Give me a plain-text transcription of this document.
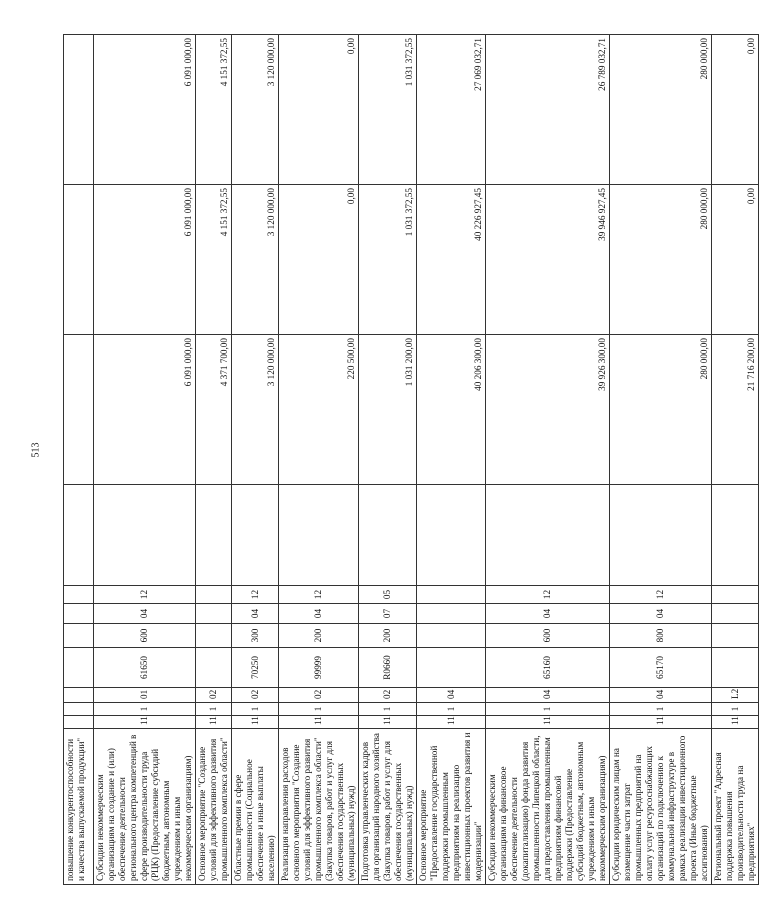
513
повышение конкурентоспособности и качества выпускаемой продукции"											
Субсидии некоммерческим организациям на создание и (или) обеспечение деятельности регионального центра компетенций в сфере производительности труда (РЦК) (Предоставление субсидий бюджетным, автономным учреждениям и иным некоммерческим организациям)	11	1	01	61650	600	04	12		6 091 000,00	6 091 000,00	6 091 000,00
Основное мероприятие "Создание условий для эффективного развития промышленного комплекса области"	11	1	02						4 371 700,00	4 151 372,55	4 151 372,55
Областные премии в сфере промышленности (Социальное обеспечение и иные выплаты населению)	11	1	02	70250	300	04	12		3 120 000,00	3 120 000,00	3 120 000,00
Реализация направления расходов основного мероприятия "Создание условий для эффективного развития промышленного комплекса области" (Закупка товаров, работ и услуг для обеспечения государственных (муниципальных) нужд)	11	1	02	99999	200	04	12		220 500,00	0,00	0,00
Подготовка управленческих кадров для организаций народного хозяйства (Закупка товаров, работ и услуг для обеспечения государственных (муниципальных) нужд)	11	1	02	R0660	200	07	05		1 031 200,00	1 031 372,55	1 031 372,55
Основное мероприятие "Предоставление государственной поддержки промышленным предприятиям на реализацию инвестиционных проектов развития и модернизации"	11	1	04						40 206 300,00	40 226 927,45	27 069 032,71
Субсидии некоммерческим организациям на финансовое обеспечение деятельности (докапитализацию) фонда развития промышленности Липецкой области, для предоставления промышленным предприятиям финансовой поддержки (Предоставление субсидий бюджетным, автономным учреждениям и иным некоммерческим организациям)	11	1	04	65160	600	04	12		39 926 300,00	39 946 927,45	26 789 032,71
Субсидии юридическим лицам на возмещение части затрат промышленных предприятий на оплату услуг ресурсоснабжающих организаций по подключению к коммунальной инфраструктуре в рамках реализации инвестиционного проекта (Иные бюджетные ассигнования)	11	1	04	65170	800	04	12		280 000,00	280 000,00	280 000,00
Региональный проект "Адресная поддержка повышения производительности труда на предприятиях"	11	1	L2						21 716 200,00	0,00	0,00
